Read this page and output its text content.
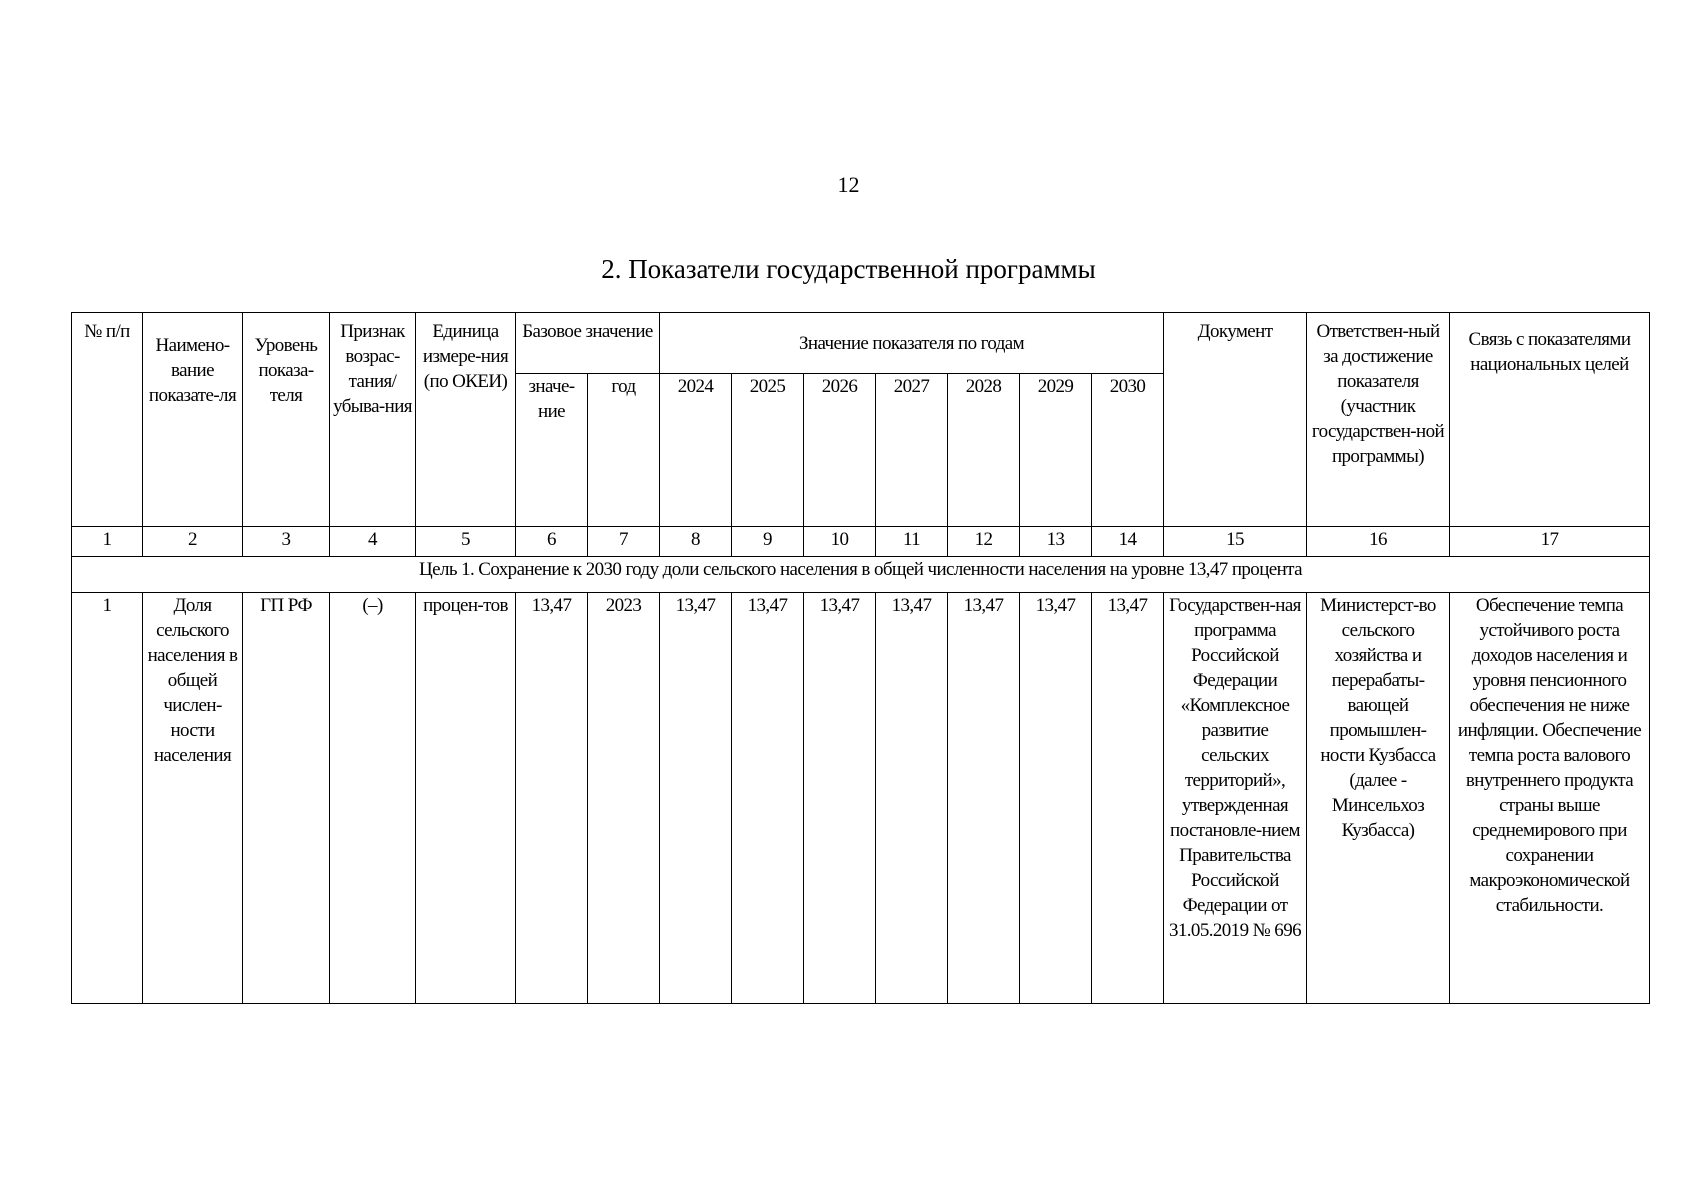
12
2. Показатели государственной программы
№ п/п	Наимено-вание показате-ля	Уровень показа-теля	Признак возрас-тания/ убыва-ния	Единица измере-ния (по ОКЕИ)	Базовое значение		Значение показателя по годам							Документ	Ответствен-ный за достижение показателя (участник государствен-ной программы)	Связь с показателями национальных целей
					значе-ние	год	2024	2025	2026	2027	2028	2029	2030			
1	2	3	4	5	6	7	8	9	10	11	12	13	14	15	16	17
Цель 1. Сохранение к 2030 году доли сельского населения в общей численности населения на уровне 13,47 процента																
1	Доля сельского населения в общей числен-ности населения	ГП РФ	(–)	процен-тов	13,47	2023	13,47	13,47	13,47	13,47	13,47	13,47	13,47	Государствен-ная программа Российской Федерации «Комплексное развитие сельских территорий», утвержденная постановле-нием Правительства Российской Федерации от 31.05.2019 № 696	Министерст-во сельского хозяйства и перерабаты-вающей промышлен-ности Кузбасса (далее - Минсельхоз Кузбасса)	Обеспечение темпа устойчивого роста доходов населения и уровня пенсионного обеспечения не ниже инфляции. Обеспечение темпа роста валового внутреннего продукта страны выше среднемирового при сохранении макроэкономической стабильности.
